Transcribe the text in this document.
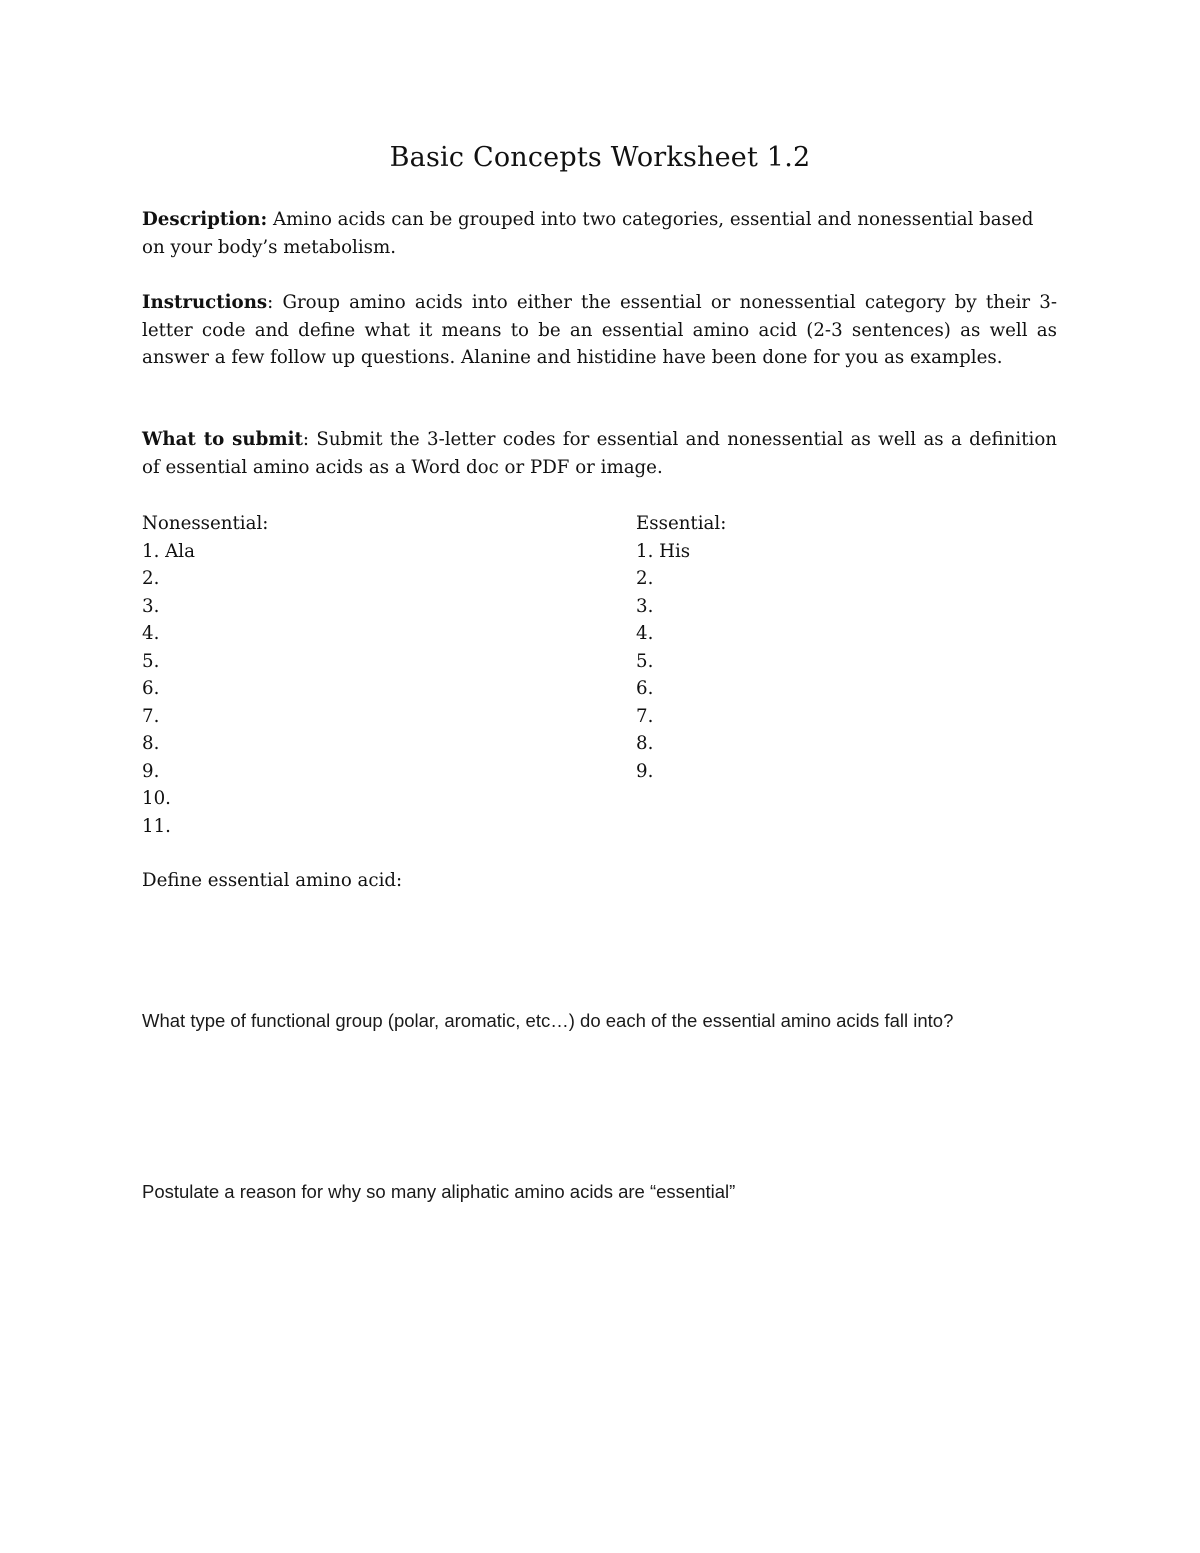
Basic Concepts Worksheet 1.2

Description: Amino acids can be grouped into two categories, essential and nonessential based on your body’s metabolism.

Instructions: Group amino acids into either the essential or nonessential category by their 3-letter code and define what it means to be an essential amino acid (2-3 sentences) as well as answer a few follow up questions. Alanine and histidine have been done for you as examples.

What to submit: Submit the 3-letter codes for essential and nonessential as well as a definition of essential amino acids as a Word doc or PDF or image.

Nonessential:
1. Ala
2.
3.
4.
5.
6.
7.
8.
9.
10.
11.
Essential:
1. His
2.
3.
4.
5.
6.
7.
8.
9.
Define essential amino acid:
What type of functional group (polar, aromatic, etc…) do each of the essential amino acids fall into?
Postulate a reason for why so many aliphatic amino acids are “essential”
